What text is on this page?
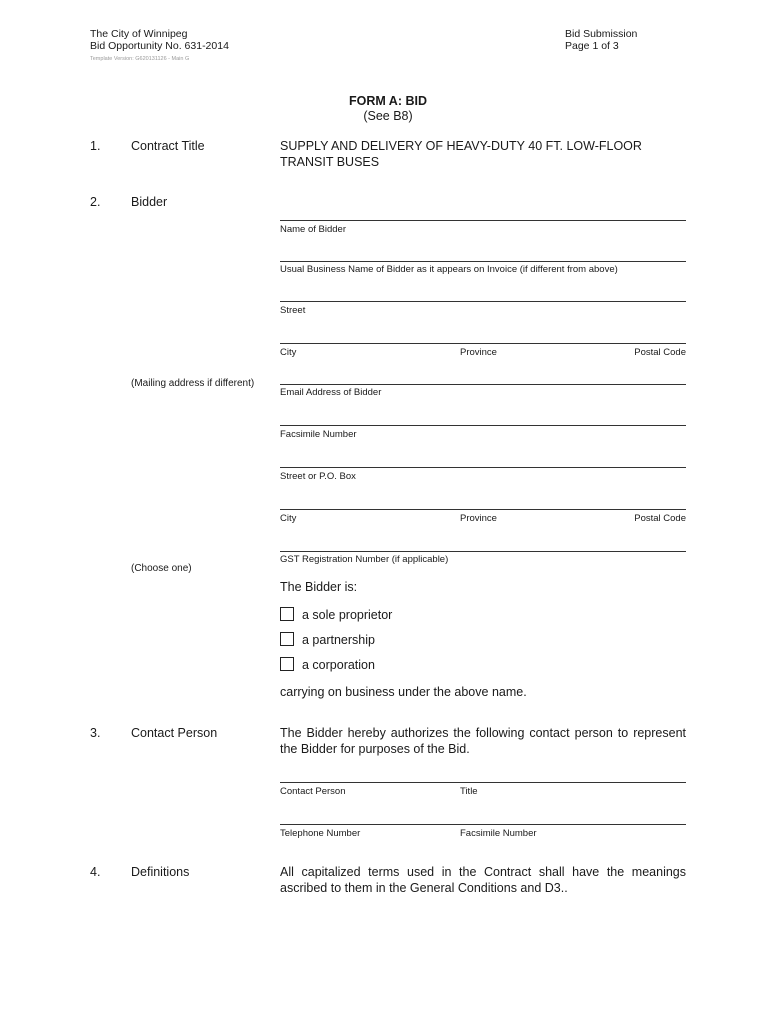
The City of Winnipeg
Bid Opportunity No. 631-2014
Template Version: G620131126 - Main G
Bid Submission
Page 1 of 3
FORM A: BID
(See B8)
1. Contract Title	SUPPLY AND DELIVERY OF HEAVY-DUTY 40 FT. LOW-FLOOR TRANSIT BUSES
2. Bidder
Name of Bidder
Usual Business Name of Bidder as it appears on Invoice (if different from above)
Street
City	Province	Postal Code
(Mailing address if different)
Email Address of Bidder
Facsimile Number
Street or P.O. Box
City	Province	Postal Code
GST Registration Number (if applicable)
(Choose one)
The Bidder is:
a sole proprietor
a partnership
a corporation
carrying on business under the above name.
3. Contact Person	The Bidder hereby authorizes the following contact person to represent the Bidder for purposes of the Bid.
Contact Person	Title
Telephone Number	Facsimile Number
4. Definitions	All capitalized terms used in the Contract shall have the meanings ascribed to them in the General Conditions and D3..
